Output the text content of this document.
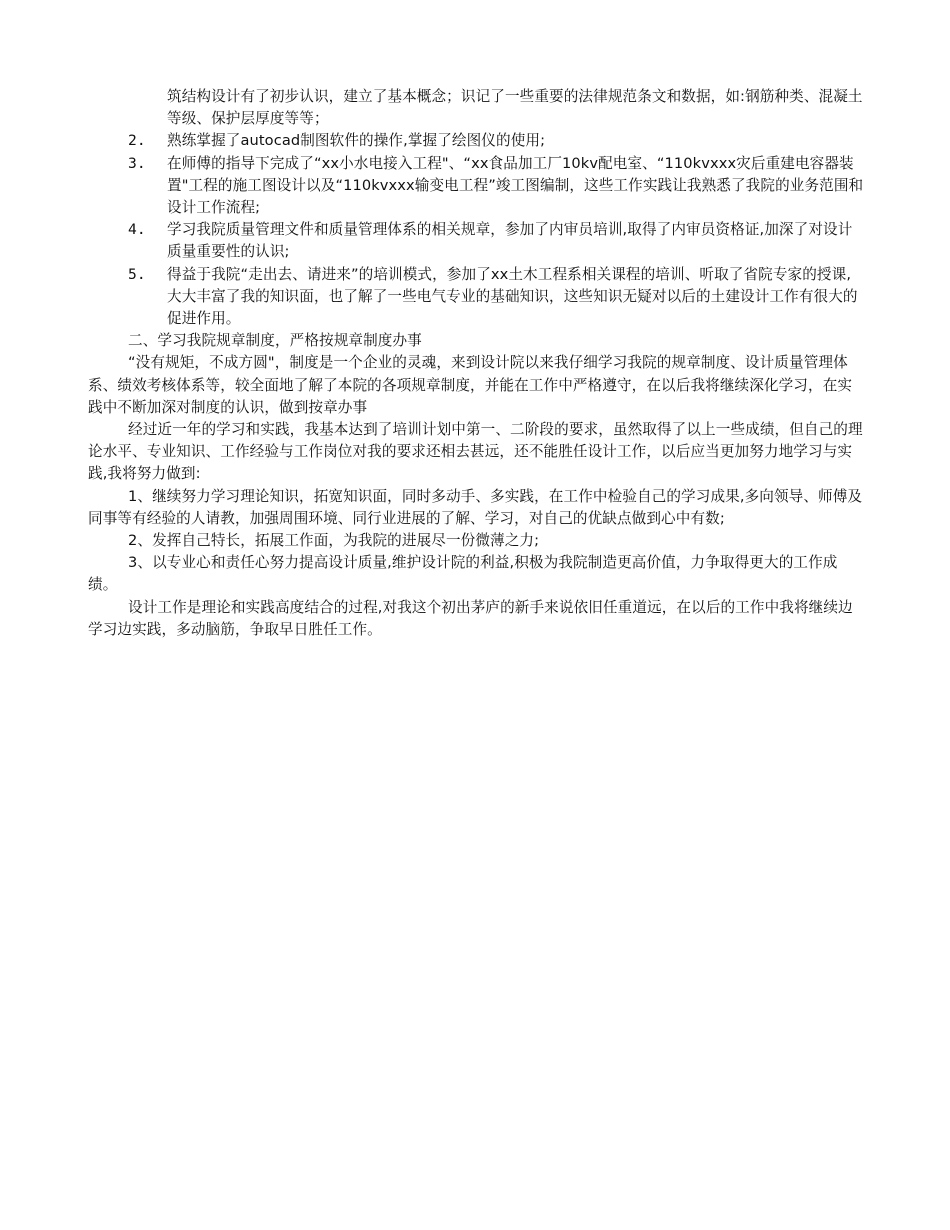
筑结构设计有了初步认识，建立了基本概念；识记了一些重要的法律规范条文和数据，如:钢筋种类、混凝土等级、保护层厚度等等；
2. 熟练掌握了autocad制图软件的操作,掌握了绘图仪的使用;
3. 在师傅的指导下完成了“xx小水电接入工程"、“xx食品加工厂10kv配电室、“110kvxxx灾后重建电容器装置"工程的施工图设计以及“110kvxxx输变电工程”竣工图编制，这些工作实践让我熟悉了我院的业务范围和设计工作流程;
4. 学习我院质量管理文件和质量管理体系的相关规章，参加了内审员培训,取得了内审员资格证,加深了对设计质量重要性的认识;
5. 得益于我院“走出去、请进来”的培训模式，参加了xx土木工程系相关课程的培训、听取了省院专家的授课,大大丰富了我的知识面，也了解了一些电气专业的基础知识，这些知识无疑对以后的土建设计工作有很大的促进作用。
二、学习我院规章制度，严格按规章制度办事
“没有规矩，不成方圆"，制度是一个企业的灵魂，来到设计院以来我仔细学习我院的规章制度、设计质量管理体系、绩效考核体系等，较全面地了解了本院的各项规章制度，并能在工作中严格遵守，在以后我将继续深化学习，在实践中不断加深对制度的认识，做到按章办事
经过近一年的学习和实践，我基本达到了培训计划中第一、二阶段的要求，虽然取得了以上一些成绩，但自己的理论水平、专业知识、工作经验与工作岗位对我的要求还相去甚远，还不能胜任设计工作，以后应当更加努力地学习与实践,我将努力做到:
1、继续努力学习理论知识，拓宽知识面，同时多动手、多实践，在工作中检验自己的学习成果,多向领导、师傅及同事等有经验的人请教，加强周围环境、同行业进展的了解、学习，对自己的优缺点做到心中有数;
2、发挥自己特长，拓展工作面，为我院的进展尽一份微薄之力;
3、以专业心和责任心努力提高设计质量,维护设计院的利益,积极为我院制造更高价值，力争取得更大的工作成绩。
设计工作是理论和实践高度结合的过程,对我这个初出茅庐的新手来说依旧任重道远，在以后的工作中我将继续边学习边实践，多动脑筋，争取早日胜任工作。
